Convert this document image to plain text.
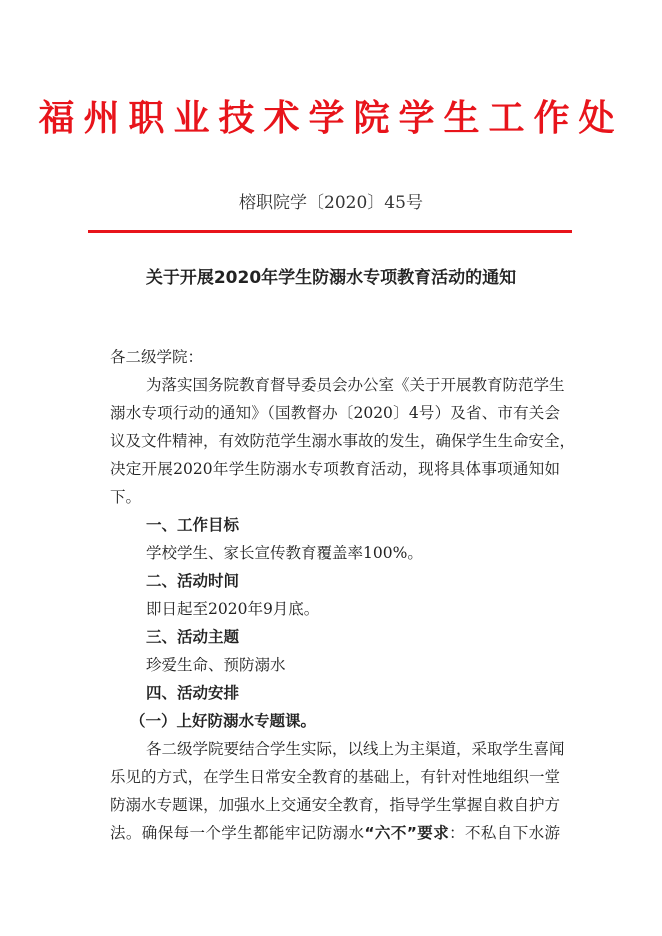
福州职业技术学院学生工作处
榕职院学〔2020〕45号
关于开展2020年学生防溺水专项教育活动的通知
各二级学院：
为落实国务院教育督导委员会办公室《关于开展教育防范学生
溺水专项行动的通知》（国教督办〔2020〕4号）及省、市有关会
议及文件精神，有效防范学生溺水事故的发生，确保学生生命安全，
决定开展2020年学生防溺水专项教育活动，现将具体事项通知如
下。
一、工作目标
学校学生、家长宣传教育覆盖率100%。
二、活动时间
即日起至2020年9月底。
三、活动主题
珍爱生命、预防溺水
四、活动安排
（一）上好防溺水专题课。
各二级学院要结合学生实际，以线上为主渠道，采取学生喜闻
乐见的方式，在学生日常安全教育的基础上，有针对性地组织一堂
防溺水专题课，加强水上交通安全教育，指导学生掌握自救自护方
法。确保每一个学生都能牢记防溺水“六不”要求：不私自下水游
